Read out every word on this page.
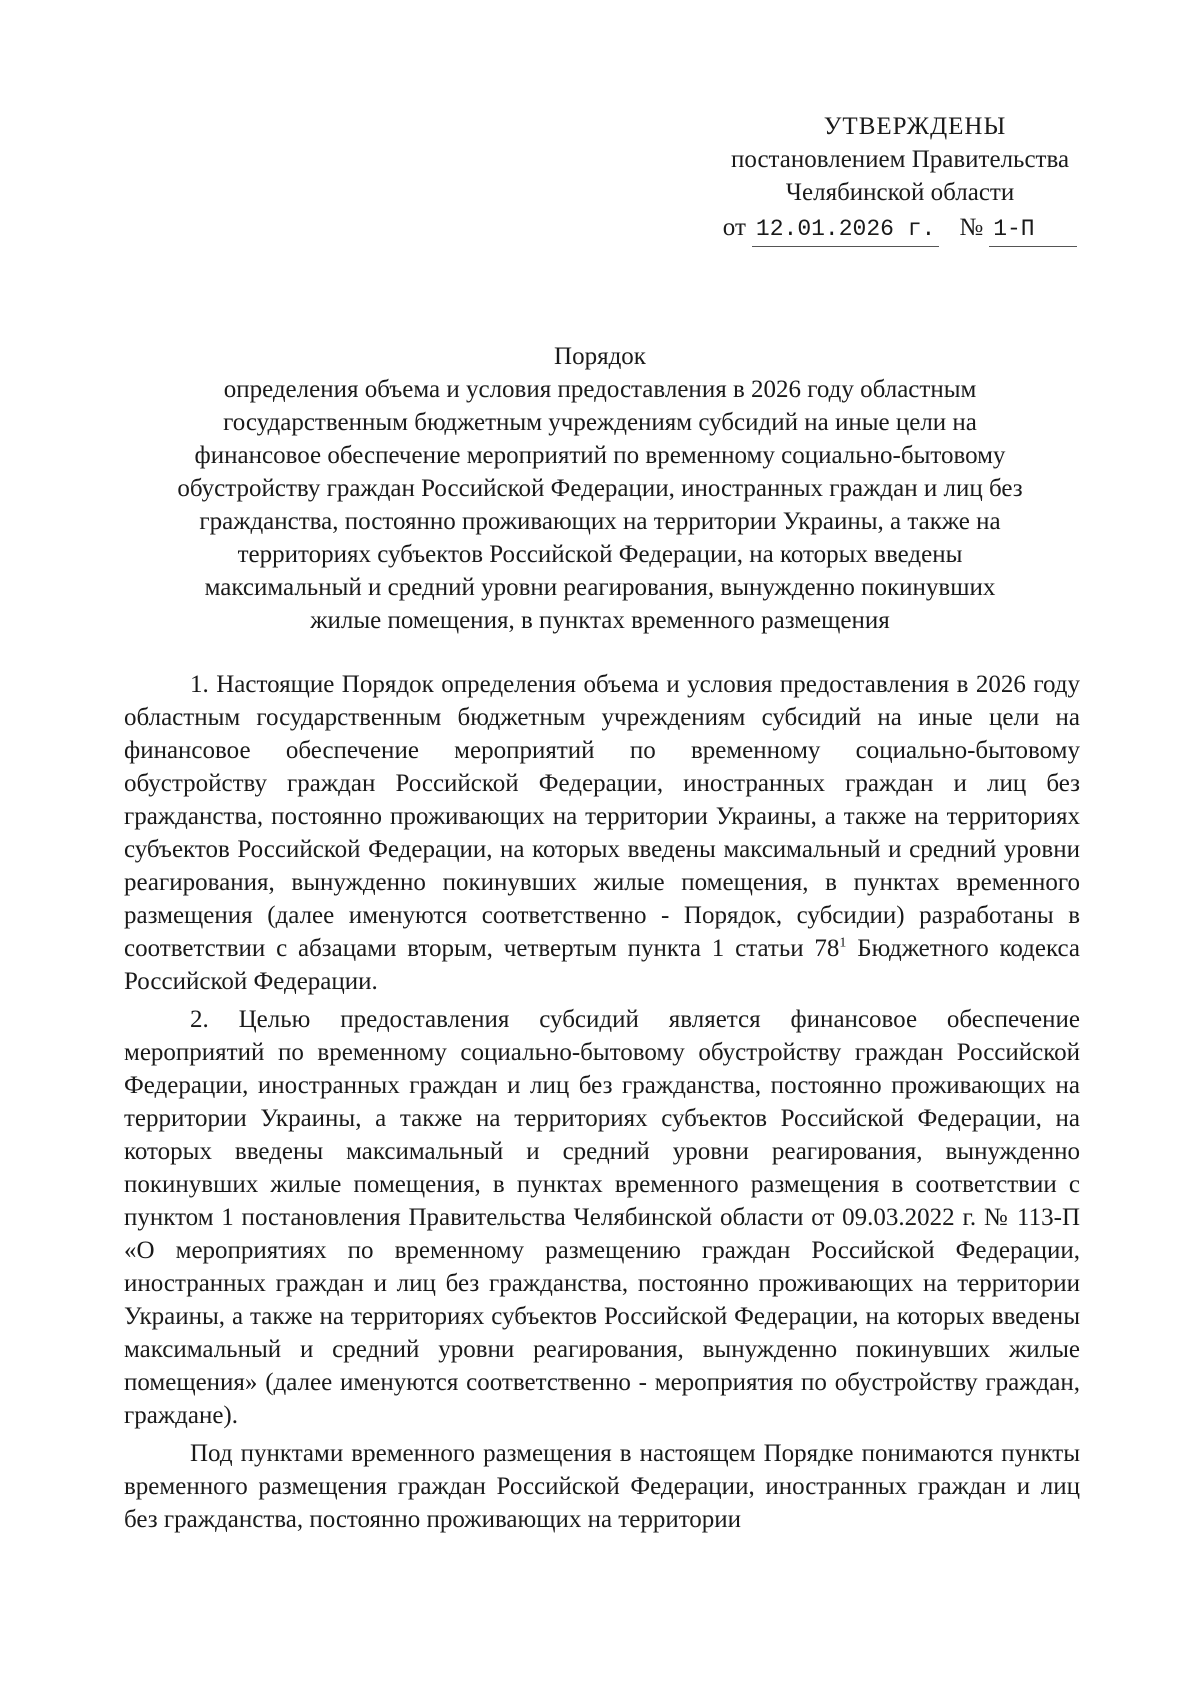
УТВЕРЖДЕНЫ
постановлением Правительства
Челябинской области
от 12.01.2026 г. № 1-П
Порядок
определения объема и условия предоставления в 2026 году областным
государственным бюджетным учреждениям субсидий на иные цели на
финансовое обеспечение мероприятий по временному социально-бытовому
обустройству граждан Российской Федерации, иностранных граждан и лиц без
гражданства, постоянно проживающих на территории Украины, а также на
территориях субъектов Российской Федерации, на которых введены
максимальный и средний уровни реагирования, вынужденно покинувших
жилые помещения, в пунктах временного размещения

1. Настоящие Порядок определения объема и условия предоставления в 2026 году областным государственным бюджетным учреждениям субсидий на иные цели на финансовое обеспечение мероприятий по временному социально-бытовому обустройству граждан Российской Федерации, иностранных граждан и лиц без гражданства, постоянно проживающих на территории Украины, а также на территориях субъектов Российской Федерации, на которых введены максимальный и средний уровни реагирования, вынужденно покинувших жилые помещения, в пунктах временного размещения (далее именуются соответственно - Порядок, субсидии) разработаны в соответствии с абзацами вторым, четвертым пункта 1 статьи $78^1$ Бюджетного кодекса Российской Федерации.

2. Целью предоставления субсидий является финансовое обеспечение мероприятий по временному социально-бытовому обустройству граждан Российской Федерации, иностранных граждан и лиц без гражданства, постоянно проживающих на территории Украины, а также на территориях субъектов Российской Федерации, на которых введены максимальный и средний уровни реагирования, вынужденно покинувших жилые помещения, в пунктах временного размещения в соответствии с пунктом 1 постановления Правительства Челябинской области от 09.03.2022 г. № 113-П «О мероприятиях по временному размещению граждан Российской Федерации, иностранных граждан и лиц без гражданства, постоянно проживающих на территории Украины, а также на территориях субъектов Российской Федерации, на которых введены максимальный и средний уровни реагирования, вынужденно покинувших жилые помещения» (далее именуются соответственно - мероприятия по обустройству граждан, граждане).

Под пунктами временного размещения в настоящем Порядке понимаются пункты временного размещения граждан Российской Федерации, иностранных граждан и лиц без гражданства, постоянно проживающих на территории
